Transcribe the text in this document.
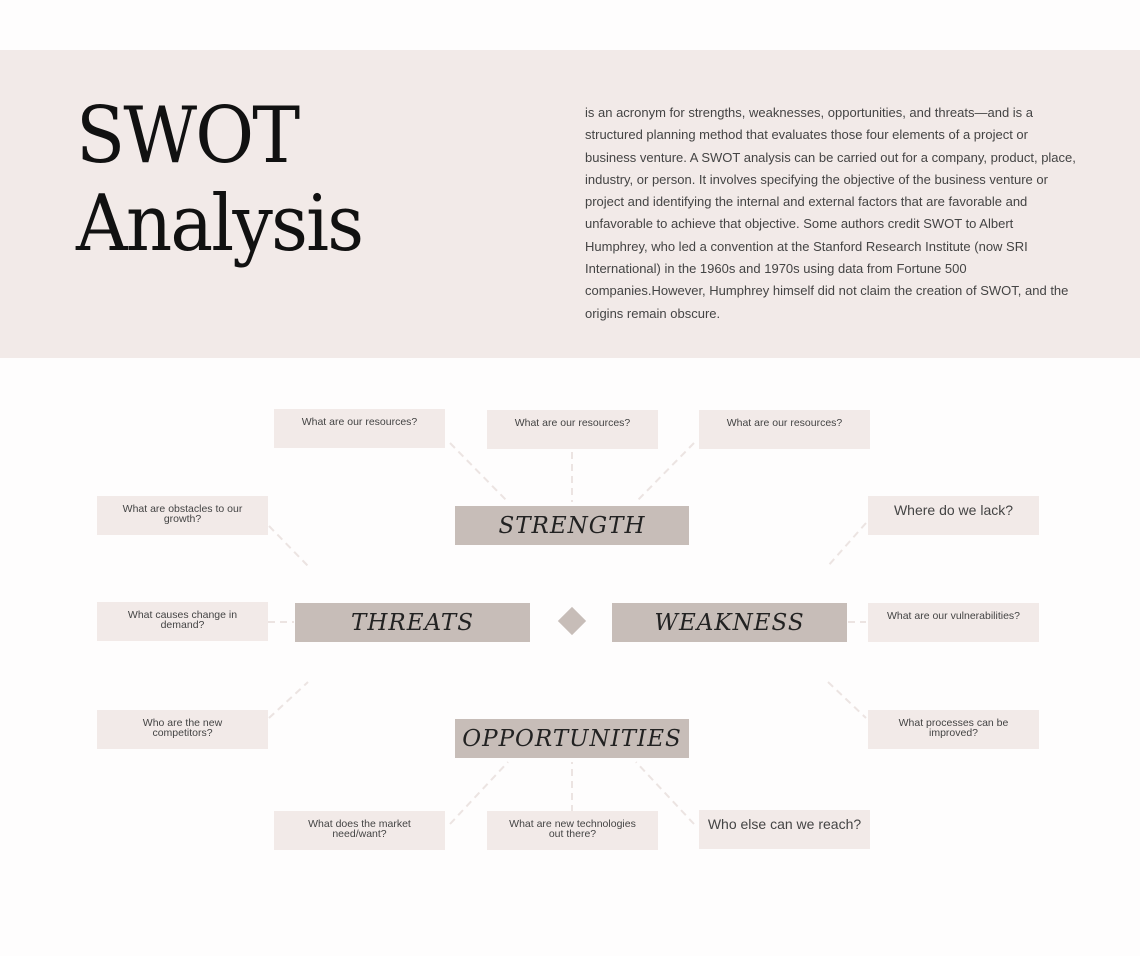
SWOT
Analysis

is an acronym for strengths, weaknesses, opportunities, and threats—and is a structured planning method that evaluates those four elements of a project or business venture. A SWOT analysis can be carried out for a company, product, place, industry, or person. It involves specifying the objective of the business venture or project and identifying the internal and external factors that are favorable and unfavorable to achieve that objective. Some authors credit SWOT to Albert Humphrey, who led a convention at the Stanford Research Institute (now SRI International) in the 1960s and 1970s using data from Fortune 500 companies.However, Humphrey himself did not claim the creation of SWOT, and the origins remain obscure.

What are our resources?	What are our resources?	What are our resources?
What are obstacles to our growth?
What causes change in demand?
Who are the new competitors?
Where do we lack?
What are our vulnerabilities?
What processes can be improved?
What does the market need/want?
What are new technologies out there?
Who else can we reach?
STRENGTH
THREATS	WEAKNESS
OPPORTUNITIES
